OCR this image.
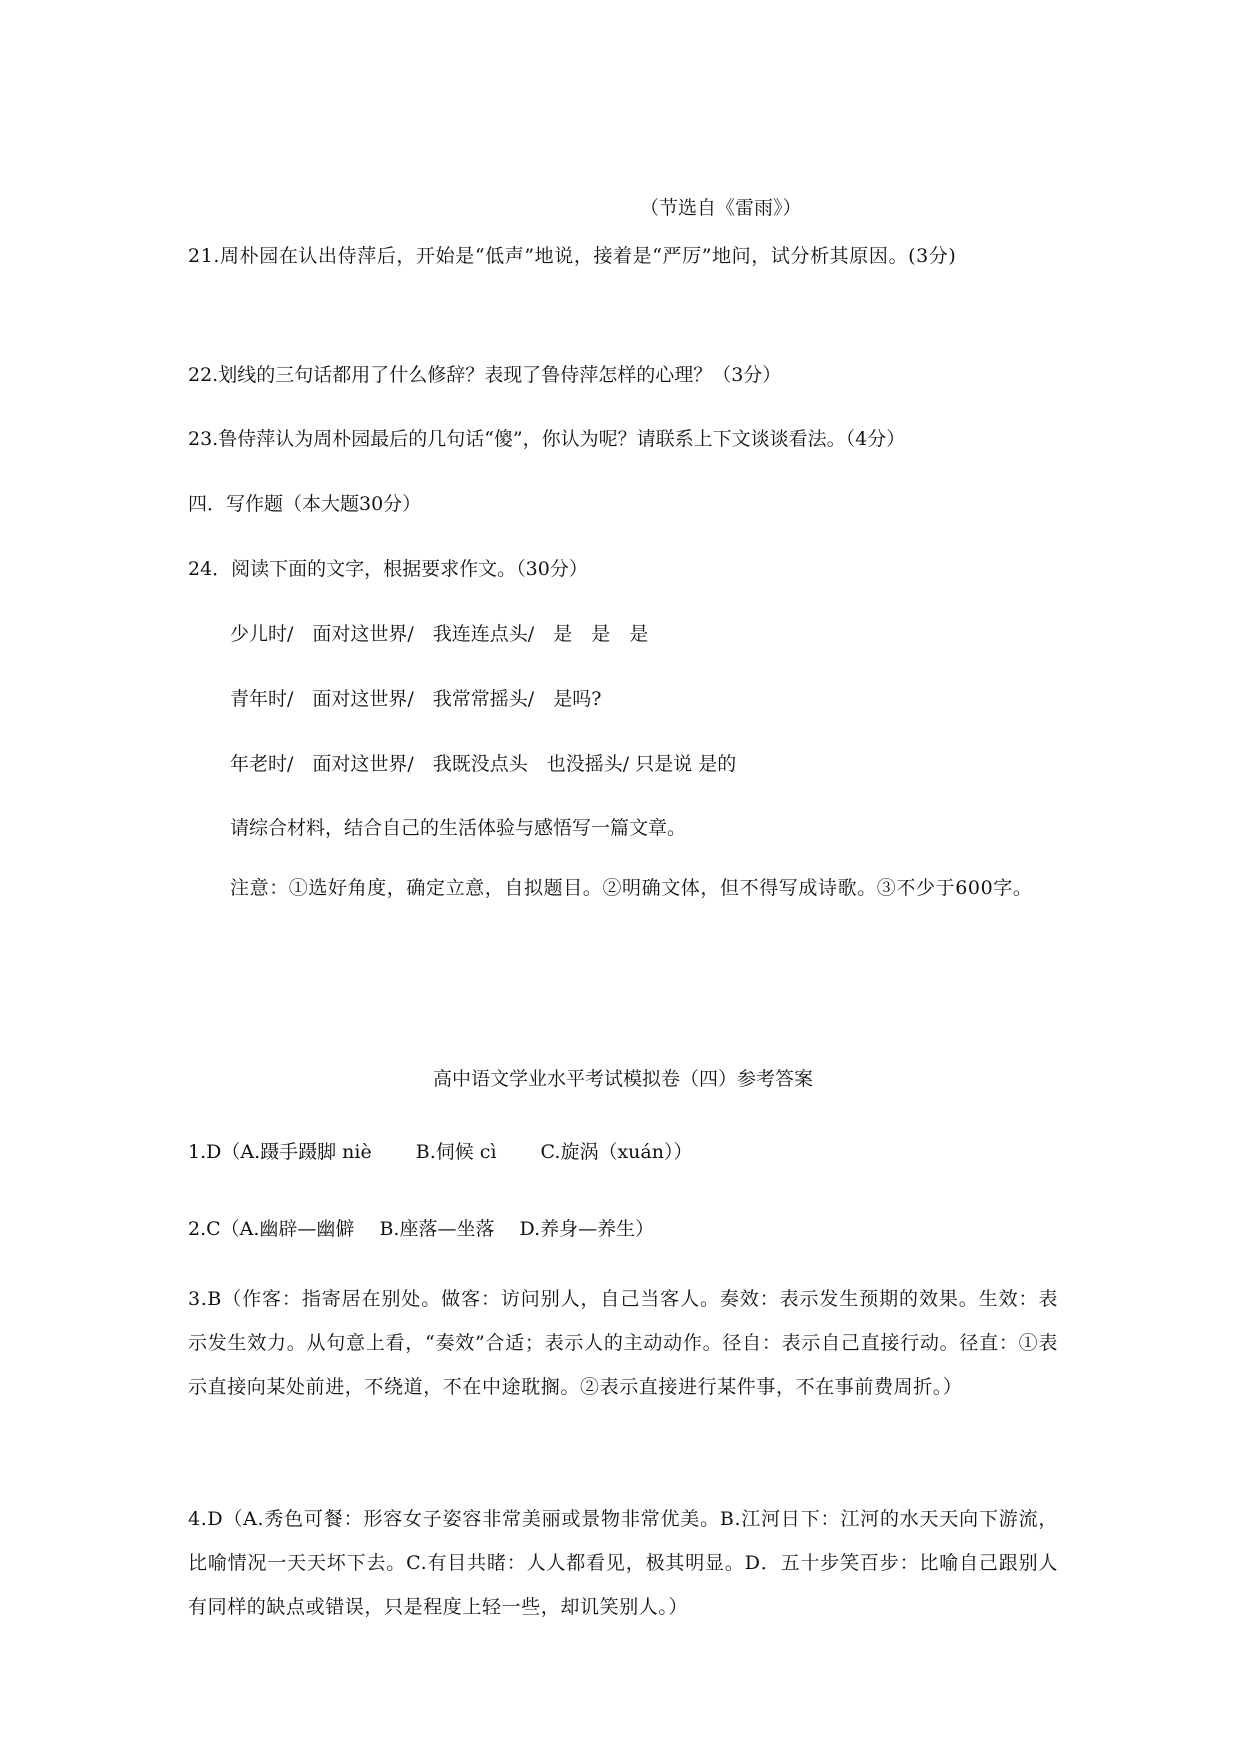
（节选自《雷雨》）
21.周朴园在认出侍萍后，开始是“低声”地说，接着是“严厉”地问，试分析其原因。(3分)
22.划线的三句话都用了什么修辞？表现了鲁侍萍怎样的心理？（3分）
23.鲁侍萍认为周朴园最后的几句话“傻”，你认为呢？请联系上下文谈谈看法。（4分）
四．写作题（本大题30分）
24．阅读下面的文字，根据要求作文。（30分）
少儿时/　面对这世界/　我连连点头/　是　是　是
青年时/　面对这世界/　我常常摇头/　是吗?
年老时/　面对这世界/　我既没点头　也没摇头/ 只是说 是的
请综合材料，结合自己的生活体验与感悟写一篇文章。
注意：①选好角度，确定立意，自拟题目。②明确文体，但不得写成诗歌。③不少于600字。
高中语文学业水平考试模拟卷（四）参考答案
1.D（A.蹑手蹑脚 niè　　 B.伺候 cì　　 C.旋涡（xuán））
2.C（A.幽辟—幽僻　 B.座落—坐落　 D.养身—养生）
3.B（作客：指寄居在别处。做客：访问别人，自己当客人。奏效：表示发生预期的效果。生效：表示发生效力。从句意上看，“奏效”合适；表示人的主动动作。径自：表示自己直接行动。径直：①表示直接向某处前进，不绕道，不在中途耽搁。②表示直接进行某件事，不在事前费周折。）
4.D（A.秀色可餐：形容女子姿容非常美丽或景物非常优美。B.江河日下：江河的水天天向下游流，比喻情况一天天坏下去。C.有目共睹：人人都看见，极其明显。D．五十步笑百步：比喻自己跟别人有同样的缺点或错误，只是程度上轻一些，却讥笑别人。）
